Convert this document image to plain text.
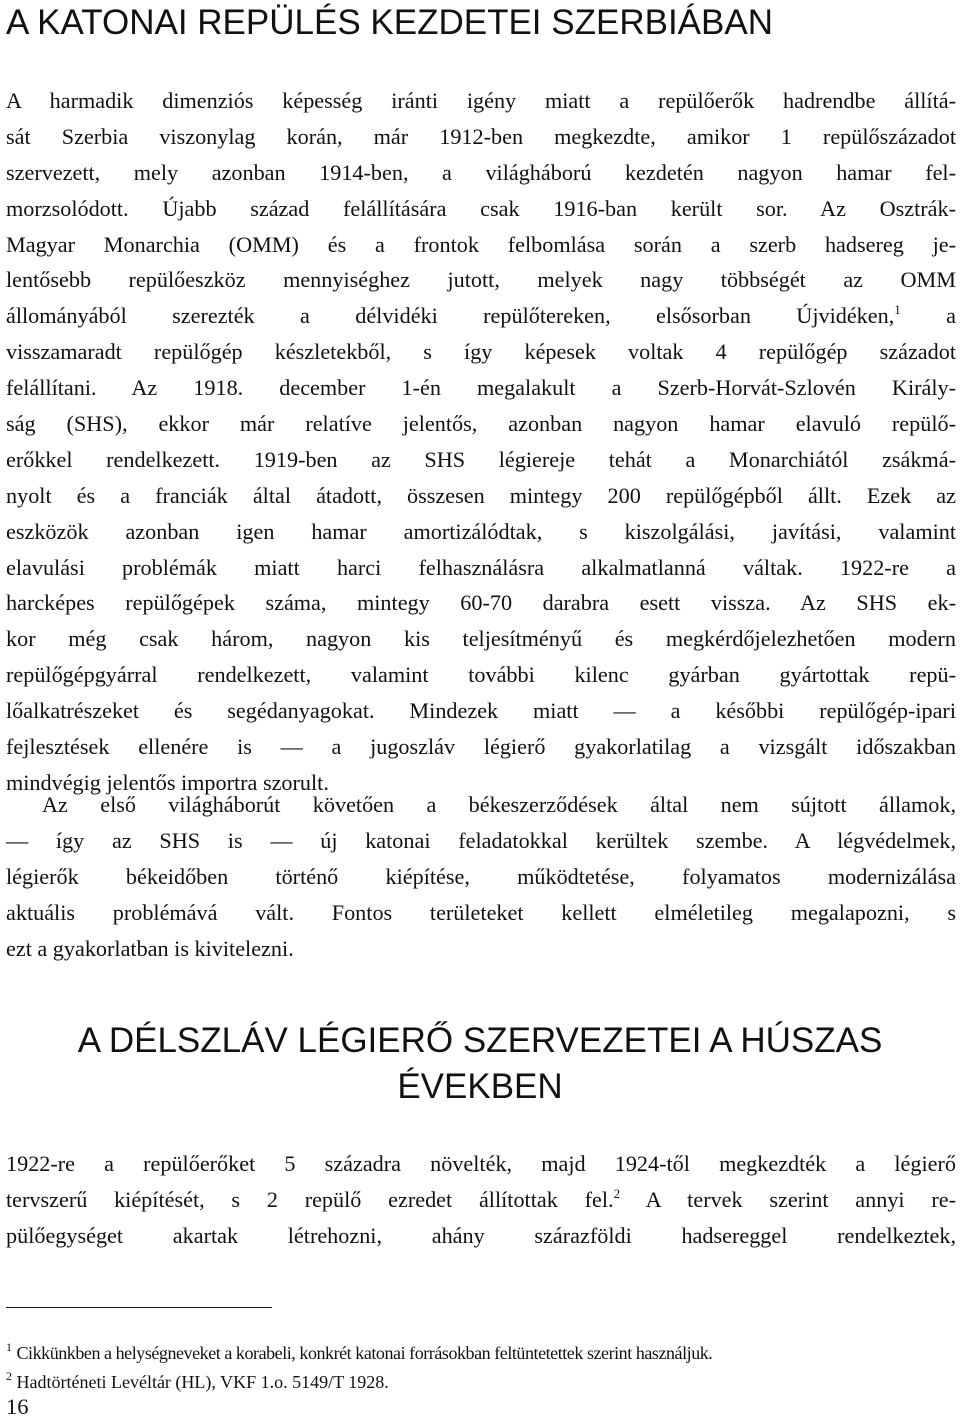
A KATONAI REPÜLÉS KEZDETEI SZERBIÁBAN
A harmadik dimenziós képesség iránti igény miatt a repülőerők hadrendbe állítá-
sát Szerbia viszonylag korán, már 1912-ben megkezdte, amikor 1 repülőszázadot
szervezett, mely azonban 1914-ben, a világháború kezdetén nagyon hamar fel-
morzsolódott. Újabb század felállítására csak 1916-ban került sor. Az Osztrák-
Magyar Monarchia (OMM) és a frontok felbomlása során a szerb hadsereg je-
lentősebb repülőeszköz mennyiséghez jutott, melyek nagy többségét az OMM
állományából szerezték a délvidéki repülőtereken, elsősorban Újvidéken,$^1$ a
visszamaradt repülőgép készletekből, s így képesek voltak 4 repülőgép századot
felállítani. Az 1918. december 1-én megalakult a Szerb-Horvát-Szlovén Király-
ság (SHS), ekkor már relatíve jelentős, azonban nagyon hamar elavuló repülő-
erőkkel rendelkezett. 1919-ben az SHS légiereje tehát a Monarchiától zsákmá-
nyolt és a franciák által átadott, összesen mintegy 200 repülőgépből állt. Ezek az
eszközök azonban igen hamar amortizálódtak, s kiszolgálási, javítási, valamint
elavulási problémák miatt harci felhasználásra alkalmatlanná váltak. 1922-re a
harcképes repülőgépek száma, mintegy 60-70 darabra esett vissza. Az SHS ek-
kor még csak három, nagyon kis teljesítményű és megkérdőjelezhetően modern
repülőgépgyárral rendelkezett, valamint további kilenc gyárban gyártottak repü-
lőalkatrészeket és segédanyagokat. Mindezek miatt — a későbbi repülőgép-ipari
fejlesztések ellenére is — a jugoszláv légierő gyakorlatilag a vizsgált időszakban
mindvégig jelentős importra szorult.
Az első világháborút követően a békeszerződések által nem sújtott államok,
— így az SHS is — új katonai feladatokkal kerültek szembe. A légvédelmek,
légierők békeidőben történő kiépítése, működtetése, folyamatos modernizálása
aktuális problémává vált. Fontos területeket kellett elméletileg megalapozni, s
ezt a gyakorlatban is kivitelezni.
A DÉLSZLÁV LÉGIERŐ SZERVEZETEI A HÚSZAS
ÉVEKBEN
1922-re a repülőerőket 5 századra növelték, majd 1924-től megkezdték a légierő
tervszerű kiépítését, s 2 repülő ezredet állítottak fel.$^2$ A tervek szerint annyi re-
pülőegységet akartak létrehozni, ahány szárazföldi hadsereggel rendelkeztek,
$^1$ Cikkünkben a helységneveket a korabeli, konkrét katonai forrásokban feltüntetettek szerint használjuk.
$^2$ Hadtörténeti Levéltár (HL), VKF 1.o. 5149/T 1928.
16
